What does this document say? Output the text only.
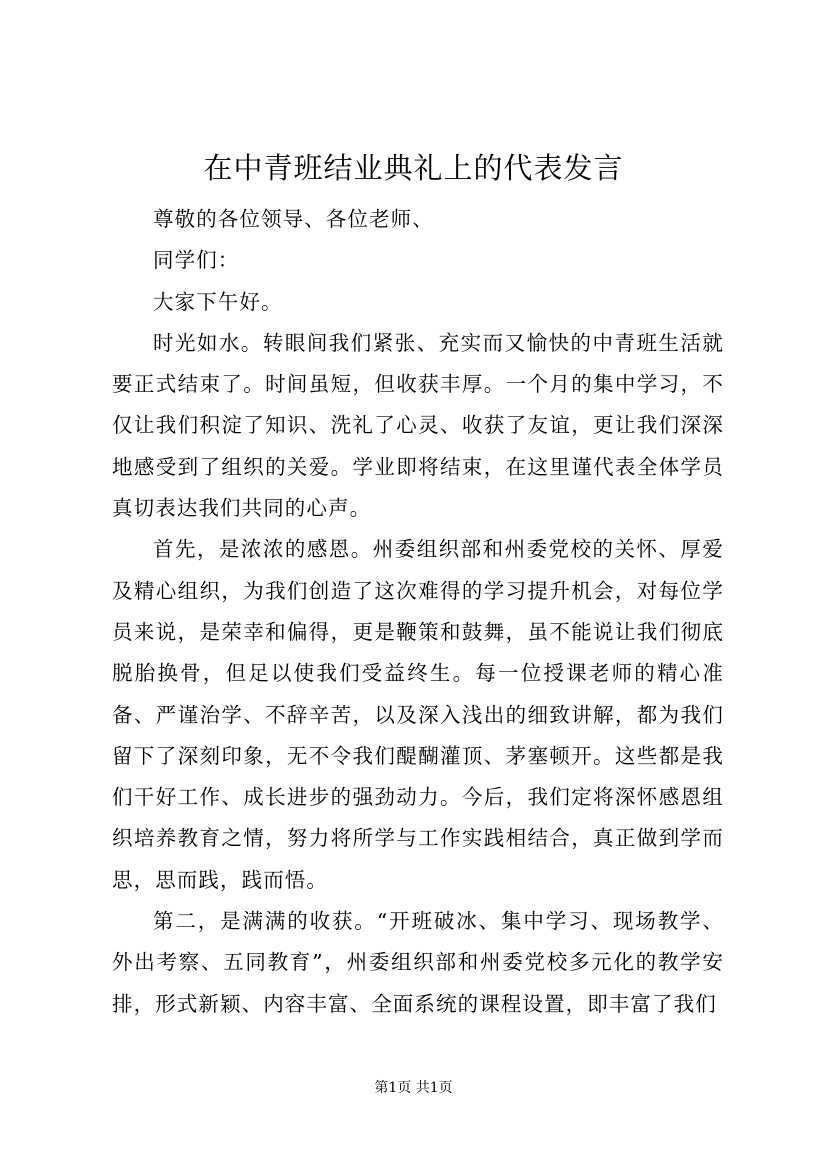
在中青班结业典礼上的代表发言

尊敬的各位领导、各位老师、

同学们：

大家下午好。

时光如水。转眼间我们紧张、充实而又愉快的中青班生活就要正式结束了。时间虽短，但收获丰厚。一个月的集中学习，不仅让我们积淀了知识、洗礼了心灵、收获了友谊，更让我们深深地感受到了组织的关爱。学业即将结束，在这里谨代表全体学员真切表达我们共同的心声。

首先，是浓浓的感恩。州委组织部和州委党校的关怀、厚爱及精心组织，为我们创造了这次难得的学习提升机会，对每位学员来说，是荣幸和偏得，更是鞭策和鼓舞，虽不能说让我们彻底脱胎换骨，但足以使我们受益终生。每一位授课老师的精心准备、严谨治学、不辞辛苦，以及深入浅出的细致讲解，都为我们留下了深刻印象，无不令我们醍醐灌顶、茅塞顿开。这些都是我们干好工作、成长进步的强劲动力。今后，我们定将深怀感恩组织培养教育之情，努力将所学与工作实践相结合，真正做到学而思，思而践，践而悟。

第二，是满满的收获。“开班破冰、集中学习、现场教学、外出考察、五同教育”，州委组织部和州委党校多元化的教学安排，形式新颖、内容丰富、全面系统的课程设置，即丰富了我们

第1页 共1页
